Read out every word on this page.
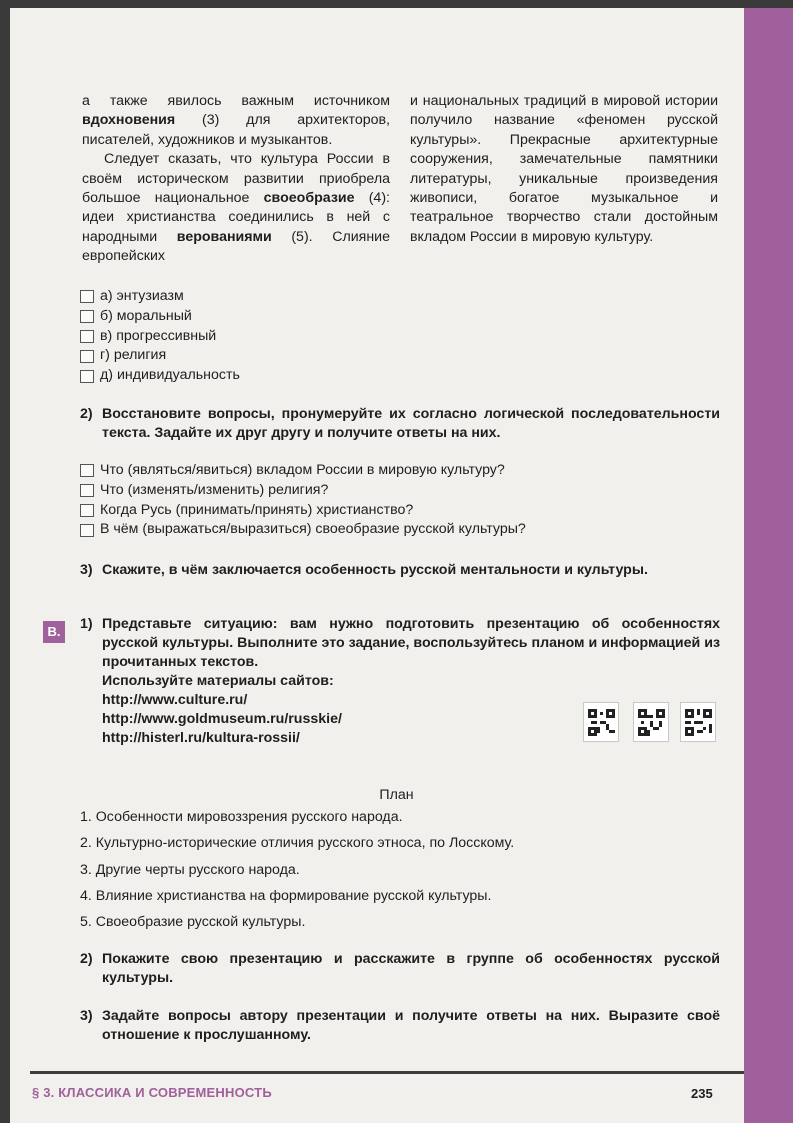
а также явилось важным источником вдохновения (3) для архитекторов, писателей, художников и музыкантов.

Следует сказать, что культура России в своём историческом развитии приобрела большое национальное своеобразие (4): идеи христианства соединились в ней с народными верованиями (5). Слияние европейских

и национальных традиций в мировой истории получило название «феномен русской культуры». Прекрасные архитектурные сооружения, замечательные памятники литературы, уникальные произведения живописи, богатое музыкальное и театральное творчество стали достойным вкладом России в мировую культуру.

а) энтузиазм
б) моральный
в) прогрессивный
г) религия
д) индивидуальность
2) Восстановите вопросы, пронумеруйте их согласно логической последовательности текста. Задайте их друг другу и получите ответы на них.
Что (являться/явиться) вкладом России в мировую культуру?
Что (изменять/изменить) религия?
Когда Русь (принимать/принять) христианство?
В чём (выражаться/выразиться) своеобразие русской культуры?
3) Скажите, в чём заключается особенность русской ментальности и культуры.
В.	1) Представьте ситуацию: вам нужно подготовить презентацию об особенностях русской культуры. Выполните это задание, воспользуйтесь планом и информацией из прочитанных текстов.
Используйте материалы сайтов:
http://www.culture.ru/
http://www.goldmuseum.ru/russkie/
http://histerl.ru/kultura-rossii/
План
1. Особенности мировоззрения русского народа.
2. Культурно-исторические отличия русского этноса, по Лосскому.
3. Другие черты русского народа.
4. Влияние христианства на формирование русской культуры.
5. Своеобразие русской культуры.
2) Покажите свою презентацию и расскажите в группе об особенностях русской культуры.
3) Задайте вопросы автору презентации и получите ответы на них. Выразите своё отношение к прослушанному.
§ 3. КЛАССИКА И СОВРЕМЕННОСТЬ	235
